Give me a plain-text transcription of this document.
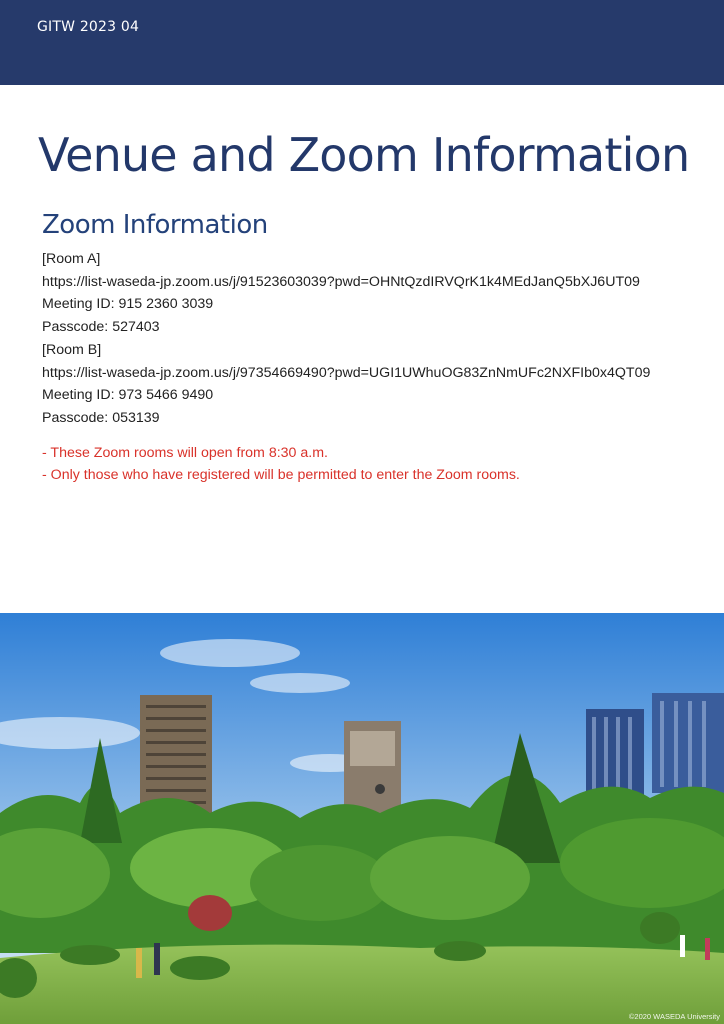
GITW 2023 04
Venue and Zoom Information
Zoom Information
[Room A]
https://list-waseda-jp.zoom.us/j/91523603039?pwd=OHNtQzdIRVQrK1k4MEdJanQ5bXJ6UT09
Meeting ID: 915 2360 3039
Passcode: 527403
[Room B]
https://list-waseda-jp.zoom.us/j/97354669490?pwd=UGI1UWhuOG83ZnNmUFc2NXFIb0x4QT09
Meeting ID: 973 5466 9490
Passcode: 053139
- These Zoom rooms will open from 8:30 a.m.
- Only those who have registered will be permitted to enter the Zoom rooms.
©2020 WASEDA University
